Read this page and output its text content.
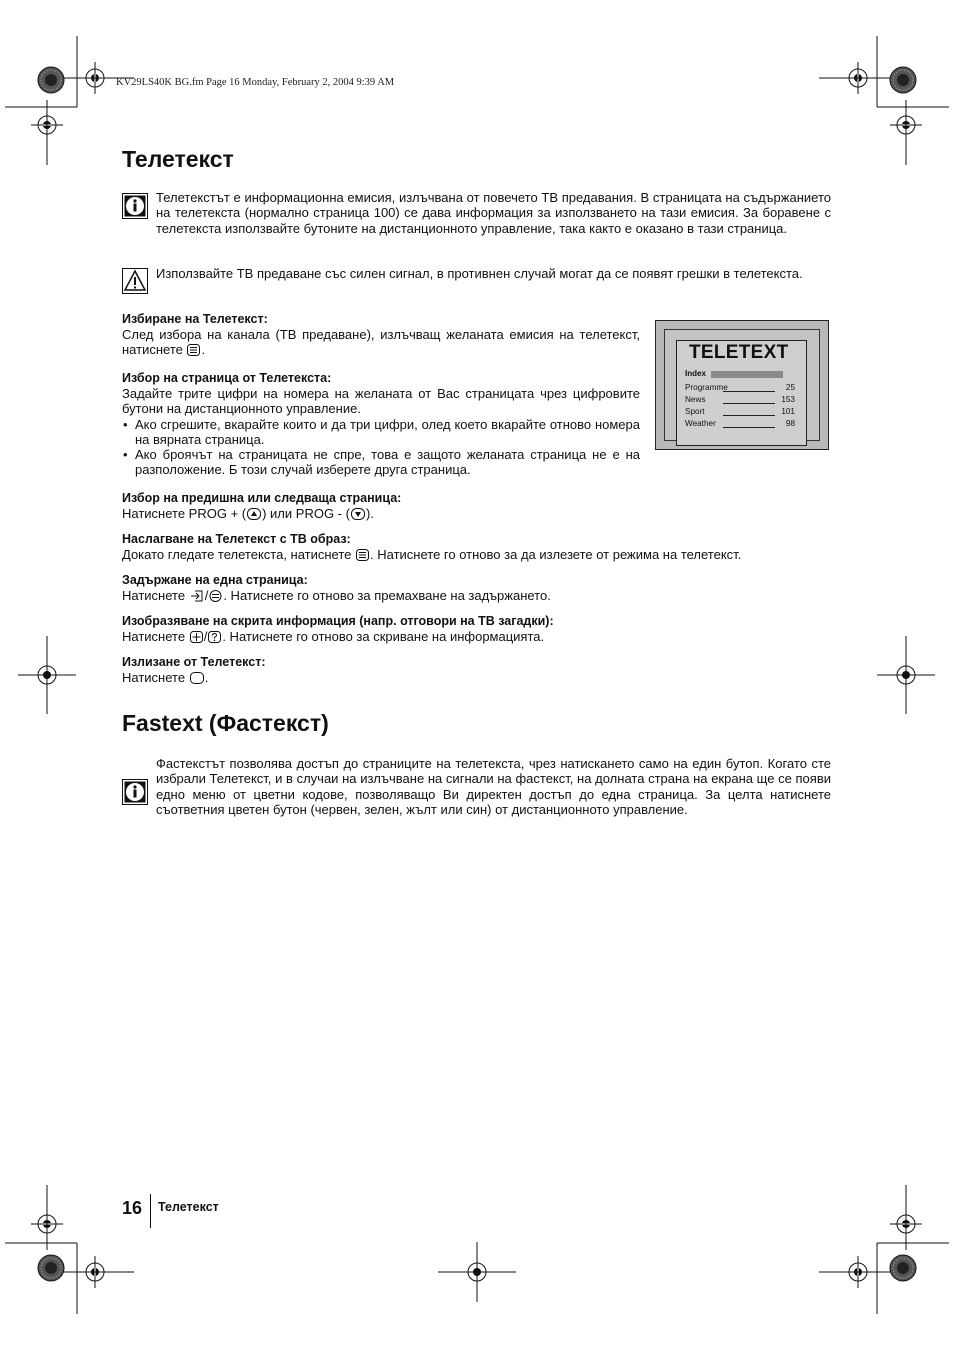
KV29LS40K BG.fm Page 16 Monday, February 2, 2004 9:39 AM
Телетекст

Телетекстът е информационна емисия, излъчвана от повечето ТВ предавания. В страницата на съдържанието на телетекста (нормално страница 100) се дава информация за използването на тази емисия. За боравене с телетекста използвайте бутоните на дистанционното управление, така както е оказано в тази страница.

Използвайте ТВ предаване със силен сигнал, в противнен случай могат да се появят грешки в телетекста.

Избиране на Телетекст:

След избора на канала (ТВ предаване), излъчващ желаната емисия на телетекст, натиснете .

Избор на страница от Телетекста:

Задайте трите цифри на номера на желаната от Вас страницата чрез цифровите бутони на дистанционното управление.

• Ако сгрешите, вкарайте които и да три цифри, олед което вкарайте отново номера на вярната страница.
• Ако броячът на страницата не спре, това е защото желаната страница не е на разположение. Б този случай изберете друга страница.
TELETEXT
Index
Programme	25
News	153
Sport	101
Weather	98

Избор на предишна или следваща страница:

Натиснете PROG + ( ) или PROG - ( ).

Наслагване на Телетекст с ТВ образ:

Докато гледате телетекста, натиснете . Натиснете го отново за да излезете от режима на телетекст.

Задържане на една страница:

Натиснете / . Натиснете го отново за премахване на задържането.

Изобразяване на скрита информация (напр. отговори на ТВ загадки):

Натиснете / . Натиснете го отново за скриване на информацията.

Излизане от Телетекст:

Натиснете .

Fastext (Фастекст)

Фастекстът позволява достъп до страниците на телетекста, чрез натискането само на един бутоп. Когато сте избрали Телетекст, и в случаи на излъчване на сигнали на фастекст, на долната страна на екрана ще се появи едно меню от цветни кодове, позволяващо Ви директен достъп до една страница. За целта натиснете съответния цветен бутон (червен, зелен, жълт или син) от дистанционното управление.

16 Телетекст
